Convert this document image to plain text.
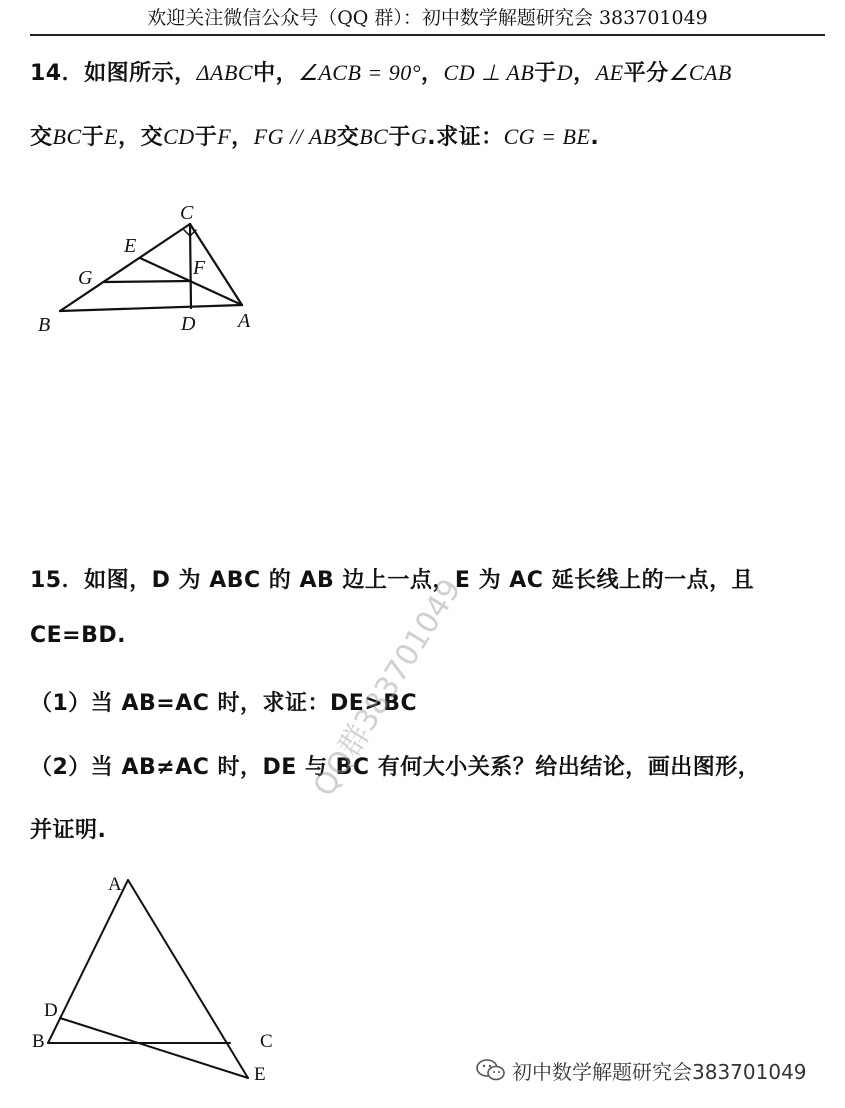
欢迎关注微信公众号（QQ 群）：初中数学解题研究会 383701049
14．如图所示，ΔABC中，∠ACB = 90°，CD ⊥ AB于D，AE平分∠CAB
交BC于E，交CD于F，FG // AB交BC于G.求证：CG = BE.
C
E
F
G
B	D A
A
D
B	C
E
15．如图，D 为 ABC 的 AB 边上一点，E 为 AC 延长线上的一点，且
CE=BD.
（1）当 AB=AC 时，求证：DE>BC
（2）当 AB≠AC 时，DE 与 BC 有何大小关系？给出结论，画出图形，
并证明.
QQ群383701049
初中数学解题研究会383701049
